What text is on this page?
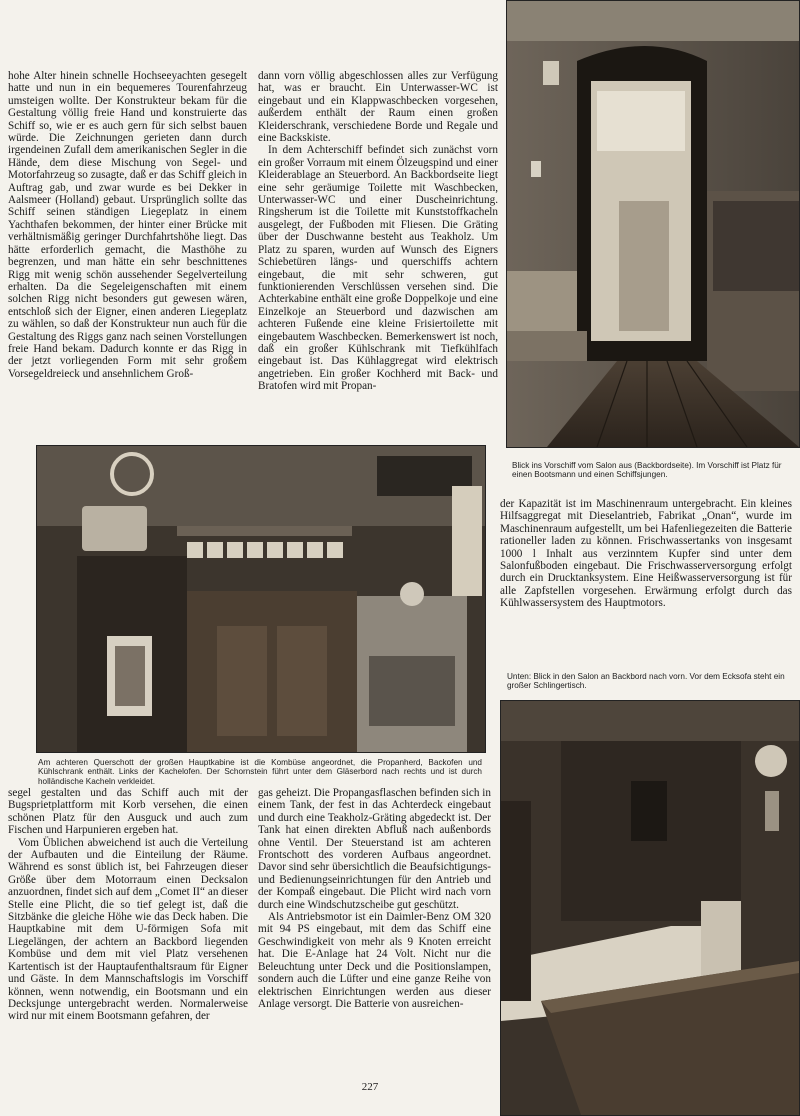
hohe Alter hinein schnelle Hochseeyachten gesegelt hatte und nun in ein bequemeres Tourenfahrzeug umsteigen wollte. Der Konstrukteur bekam für die Gestaltung völlig freie Hand und konstruierte das Schiff so, wie er es auch gern für sich selbst bauen würde. Die Zeichnungen gerieten dann durch irgendeinen Zufall dem amerikanischen Segler in die Hände, dem diese Mischung von Segel- und Motorfahrzeug so zusagte, daß er das Schiff gleich in Auftrag gab, und zwar wurde es bei Dekker in Aalsmeer (Holland) gebaut. Ursprünglich sollte das Schiff seinen ständigen Liegeplatz in einem Yachthafen bekommen, der hinter einer Brücke mit verhältnismäßig geringer Durchfahrtshöhe liegt. Das hätte erforderlich gemacht, die Masthöhe zu begrenzen, und man hätte ein sehr beschnittenes Rigg mit wenig schön aussehender Segelverteilung erhalten. Da die Segeleigenschaften mit einem solchen Rigg nicht besonders gut gewesen wären, entschloß sich der Eigner, einen anderen Liegeplatz zu wählen, so daß der Konstrukteur nun auch für die Gestaltung des Riggs ganz nach seinen Vorstellungen freie Hand bekam. Dadurch konnte er das Rigg in der jetzt vorliegenden Form mit sehr großem Vorsegeldreieck und ansehnlichem Groß-

dann vorn völlig abgeschlossen alles zur Verfügung hat, was er braucht. Ein Unterwasser-WC ist eingebaut und ein Klappwaschbecken vorgesehen, außerdem enthält der Raum einen großen Kleiderschrank, verschiedene Borde und Regale und eine Backskiste.

In dem Achterschiff befindet sich zunächst vorn ein großer Vorraum mit einem Ölzeugspind und einer Kleiderablage an Steuerbord. An Backbordseite liegt eine sehr geräumige Toilette mit Waschbecken, Unterwasser-WC und einer Duscheinrichtung. Ringsherum ist die Toilette mit Kunststoffkacheln ausgelegt, der Fußboden mit Fliesen. Die Gräting über der Duschwanne besteht aus Teakholz. Um Platz zu sparen, wurden auf Wunsch des Eigners Schiebetüren längs- und querschiffs achtern eingebaut, die mit sehr schweren, gut funktionierenden Verschlüssen versehen sind. Die Achterkabine enthält eine große Doppelkoje und eine Einzelkoje an Steuerbord und dazwischen am achteren Fußende eine kleine Frisiertoilette mit eingebautem Waschbecken. Bemerkenswert ist noch, daß ein großer Kühlschrank mit Tiefkühlfach eingebaut ist. Das Kühlaggregat wird elektrisch angetrieben. Ein großer Kochherd mit Back- und Bratofen wird mit Propan-

Blick ins Vorschiff vom Salon aus (Backbordseite). Im Vorschiff ist Platz für einen Bootsmann und einen Schiffsjungen.
Am achteren Querschott der großen Hauptkabine ist die Kombüse angeordnet, die Propanherd, Backofen und Kühlschrank enthält. Links der Kachelofen. Der Schornstein führt unter dem Gläserbord nach rechts und ist durch holländische Kacheln verkleidet.

der Kapazität ist im Maschinenraum untergebracht. Ein kleines Hilfsaggregat mit Dieselantrieb, Fabrikat „Onan“, wurde im Maschinenraum aufgestellt, um bei Hafenliegezeiten die Batterie rationeller laden zu können. Frischwassertanks von insgesamt 1000 l Inhalt aus verzinntem Kupfer sind unter dem Salonfußboden eingebaut. Die Frischwasserversorgung erfolgt durch ein Drucktanksystem. Eine Heißwasserversorgung ist für alle Zapfstellen vorgesehen. Erwärmung erfolgt durch das Kühlwassersystem des Hauptmotors.

Unten: Blick in den Salon an Backbord nach vorn. Vor dem Ecksofa steht ein großer Schlingertisch.

segel gestalten und das Schiff auch mit der Bugsprietplattform mit Korb versehen, die einen schönen Platz für den Ausguck und auch zum Fischen und Harpunieren ergeben hat.

Vom Üblichen abweichend ist auch die Verteilung der Aufbauten und die Einteilung der Räume. Während es sonst üblich ist, bei Fahrzeugen dieser Größe über dem Motorraum einen Decksalon anzuordnen, findet sich auf dem „Comet II“ an dieser Stelle eine Plicht, die so tief gelegt ist, daß die Sitzbänke die gleiche Höhe wie das Deck haben. Die Hauptkabine mit dem U-förmigen Sofa mit Liegelängen, der achtern an Backbord liegenden Kombüse und dem mit viel Platz versehenen Kartentisch ist der Hauptaufenthaltsraum für Eigner und Gäste. In dem Mannschaftslogis im Vorschiff können, wenn notwendig, ein Bootsmann und ein Decksjunge untergebracht werden. Normalerweise wird nur mit einem Bootsmann gefahren, der

gas geheizt. Die Propangasflaschen befinden sich in einem Tank, der fest in das Achterdeck eingebaut und durch eine Teakholz-Gräting abgedeckt ist. Der Tank hat einen direkten Abfluß nach außenbords ohne Ventil. Der Steuerstand ist am achteren Frontschott des vorderen Aufbaus angeordnet. Davor sind sehr übersichtlich die Beaufsichtigungs- und Bedienungseinrichtungen für den Antrieb und der Kompaß eingebaut. Die Plicht wird nach vorn durch eine Windschutzscheibe gut geschützt.

Als Antriebsmotor ist ein Daimler-Benz OM 320 mit 94 PS eingebaut, mit dem das Schiff eine Geschwindigkeit von mehr als 9 Knoten erreicht hat. Die E-Anlage hat 24 Volt. Nicht nur die Beleuchtung unter Deck und die Positionslampen, sondern auch die Lüfter und eine ganze Reihe von elektrischen Einrichtungen werden aus dieser Anlage versorgt. Die Batterie von ausreichen-

227
